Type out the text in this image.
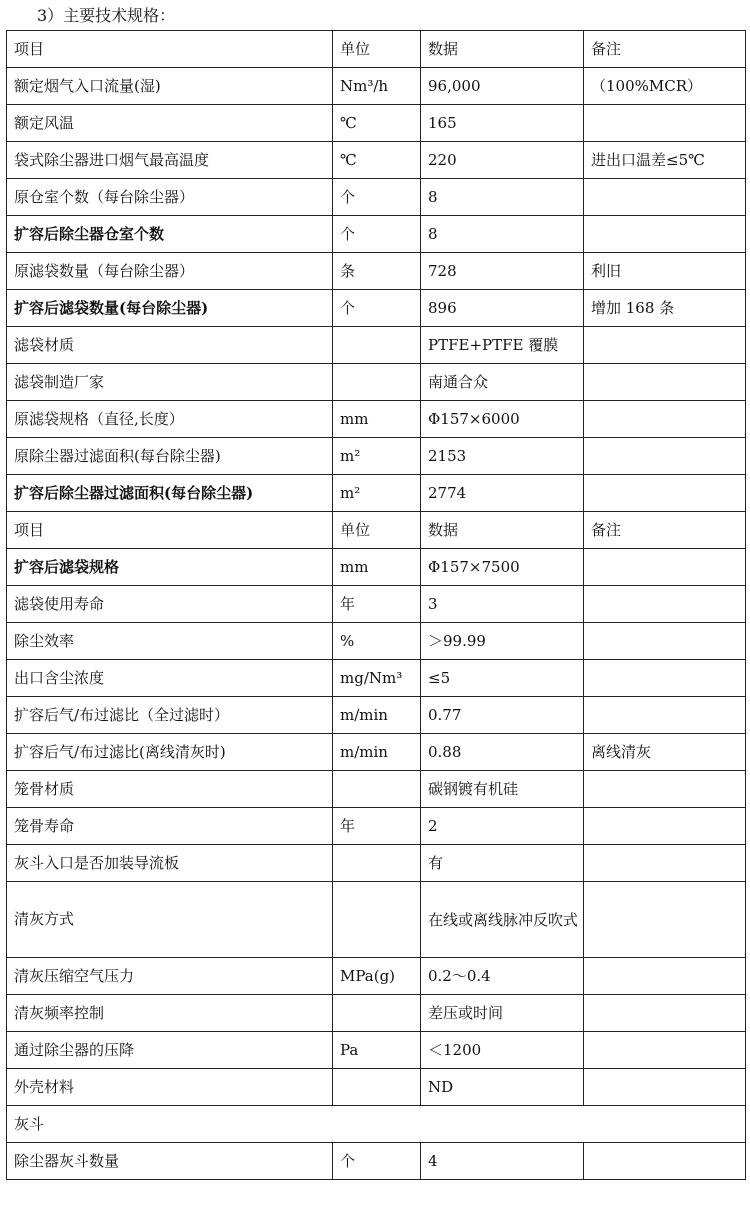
3）主要技术规格：
项目	单位	数据	备注
额定烟气入口流量(湿)	Nm³/h	96,000	（100%MCR）
额定风温	℃	165	
袋式除尘器进口烟气最高温度	℃	220	进出口温差≤5℃
原仓室个数（每台除尘器）	个	8	
扩容后除尘器仓室个数	个	8	
原滤袋数量（每台除尘器）	条	728	利旧
扩容后滤袋数量(每台除尘器)	个	896	增加 168 条
滤袋材质		PTFE+PTFE 覆膜	
滤袋制造厂家		南通合众	
原滤袋规格（直径,长度）	mm	Φ157×6000	
原除尘器过滤面积(每台除尘器)	m²	2153	
扩容后除尘器过滤面积(每台除尘器)	m²	2774	
项目	单位	数据	备注
扩容后滤袋规格	mm	Φ157×7500	
滤袋使用寿命	年	3	
除尘效率	%	＞99.99	
出口含尘浓度	mg/Nm³	≤5	
扩容后气/布过滤比（全过滤时）	m/min	0.77	
扩容后气/布过滤比(离线清灰时)	m/min	0.88	离线清灰
笼骨材质		碳钢镀有机硅	
笼骨寿命	年	2	
灰斗入口是否加装导流板		有	
清灰方式		在线或离线脉冲反吹式	
清灰压缩空气压力	MPa(g)	0.2～0.4	
清灰频率控制		差压或时间	
通过除尘器的压降	Pa	＜1200	
外壳材料		ND	
灰斗			
除尘器灰斗数量	个	4	
